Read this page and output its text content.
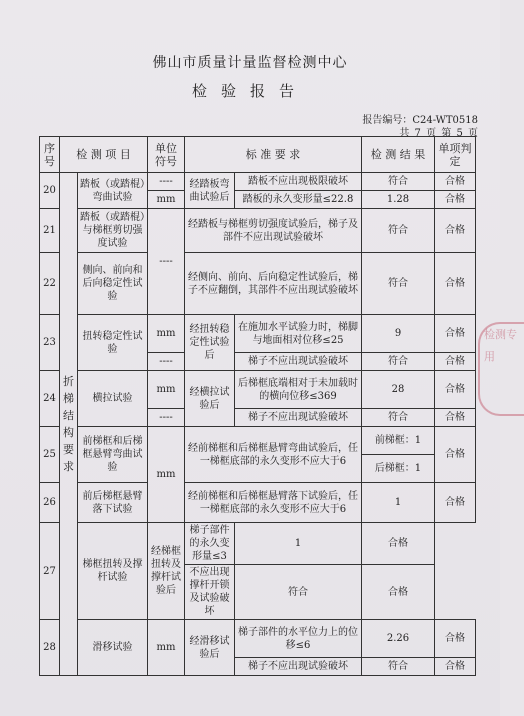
佛山市质量计量监督检测中心
检验报告
报告编号：C24-WT0518
共 7 页 第 5 页
序号	检 测 项 目		单位符号	标 准 要 求		检 测 结 果	单项判定
20	折梯结构要求	踏板（或踏棍）弯曲试验	----	经踏板弯曲试验后	踏板不应出现极限破坏	符合	合格
			mm		踏板的永久变形量≤22.8	1.28	合格
21		踏板（或踏棍）与梯框剪切强度试验	----	经踏板与梯框剪切强度试验后，梯子及部件不应出现试验破坏		符合	合格
22		侧向、前向和后向稳定性试验		经侧向、前向、后向稳定性试验后，梯子不应翻倒，其部件不应出现试验破坏		符合	合格
23		扭转稳定性试验	mm	经扭转稳定性试验后	在施加水平试验力时，梯脚与地面相对位移≤25	9	合格
			----		梯子不应出现试验破坏	符合	合格
24		横拉试验	mm	经横拉试验后	后梯框底端相对于未加载时的横向位移≤369	28	合格
			----		梯子不应出现试验破坏	符合	合格
25		前梯框和后梯框悬臂弯曲试验	mm	经前梯框和后梯框悬臂弯曲试验后，任一梯框底部的永久变形不应大于6		前梯框：1	合格
						后梯框：1	
26		前后梯框悬臂落下试验		经前梯框和后梯框悬臂落下试验后，任一梯框底部的永久变形不应大于6		1	合格
27		梯框扭转及撑杆试验	经梯框扭转及撑杆试验后	梯子部件的永久变形量≤3	1	合格	
				不应出现撑杆开锁及试验破坏	符合	合格	
28		滑移试验	mm	经滑移试验后	梯子部件的水平位力上的位移≤6	2.26	合格
					梯子不应出现试验破坏	符合	合格
检测专用
